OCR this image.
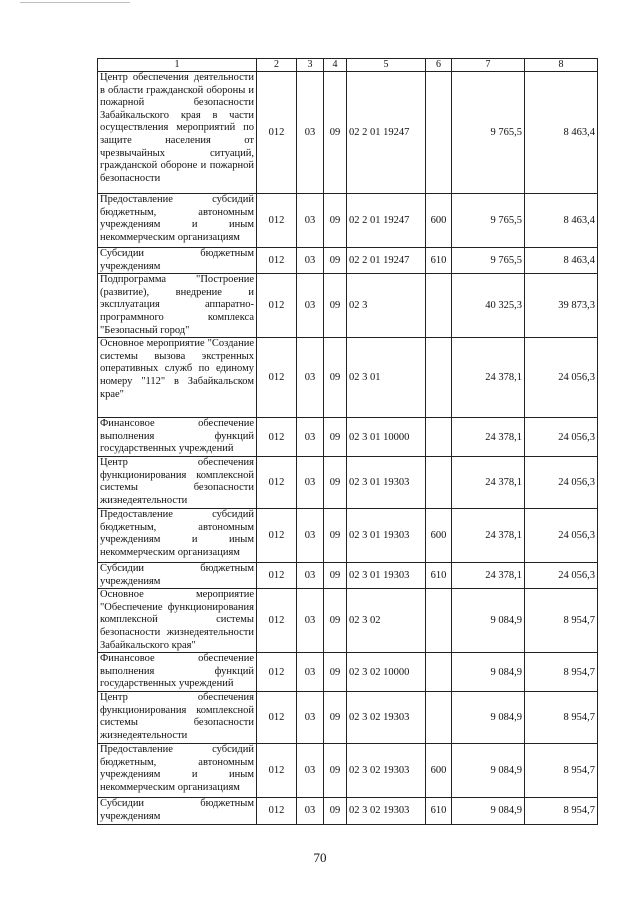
1	2	3	4	5	6	7	8
Центр обеспечения деятельности в области гражданской обороны и пожарной безопасности Забайкальского края в части осуществления мероприятий по защите населения от чрезвычайных ситуаций, гражданской обороне и пожарной безопасности	012	03	09	02 2 01 19247		9 765,5	8 463,4
Предоставление субсидий бюджетным, автономным учреждениям и иным некоммерческим организациям	012	03	09	02 2 01 19247	600	9 765,5	8 463,4
Субсидии бюджетным учреждениям	012	03	09	02 2 01 19247	610	9 765,5	8 463,4
Подпрограмма "Построение (развитие), внедрение и эксплуатация аппаратно-программного комплекса "Безопасный город"	012	03	09	02 3		40 325,3	39 873,3
Основное мероприятие "Создание системы вызова экстренных оперативных служб по единому номеру "112" в Забайкальском крае"	012	03	09	02 3 01		24 378,1	24 056,3
Финансовое обеспечение выполнения функций государственных учреждений	012	03	09	02 3 01 10000		24 378,1	24 056,3
Центр обеспечения функционирования комплексной системы безопасности жизнедеятельности	012	03	09	02 3 01 19303		24 378,1	24 056,3
Предоставление субсидий бюджетным, автономным учреждениям и иным некоммерческим организациям	012	03	09	02 3 01 19303	600	24 378,1	24 056,3
Субсидии бюджетным учреждениям	012	03	09	02 3 01 19303	610	24 378,1	24 056,3
Основное мероприятие "Обеспечение функционирования комплексной системы безопасности жизнедеятельности Забайкальского края"	012	03	09	02 3 02		9 084,9	8 954,7
Финансовое обеспечение выполнения функций государственных учреждений	012	03	09	02 3 02 10000		9 084,9	8 954,7
Центр обеспечения функционирования комплексной системы безопасности жизнедеятельности	012	03	09	02 3 02 19303		9 084,9	8 954,7
Предоставление субсидий бюджетным, автономным учреждениям и иным некоммерческим организациям	012	03	09	02 3 02 19303	600	9 084,9	8 954,7
Субсидии бюджетным учреждениям	012	03	09	02 3 02 19303	610	9 084,9	8 954,7
70
